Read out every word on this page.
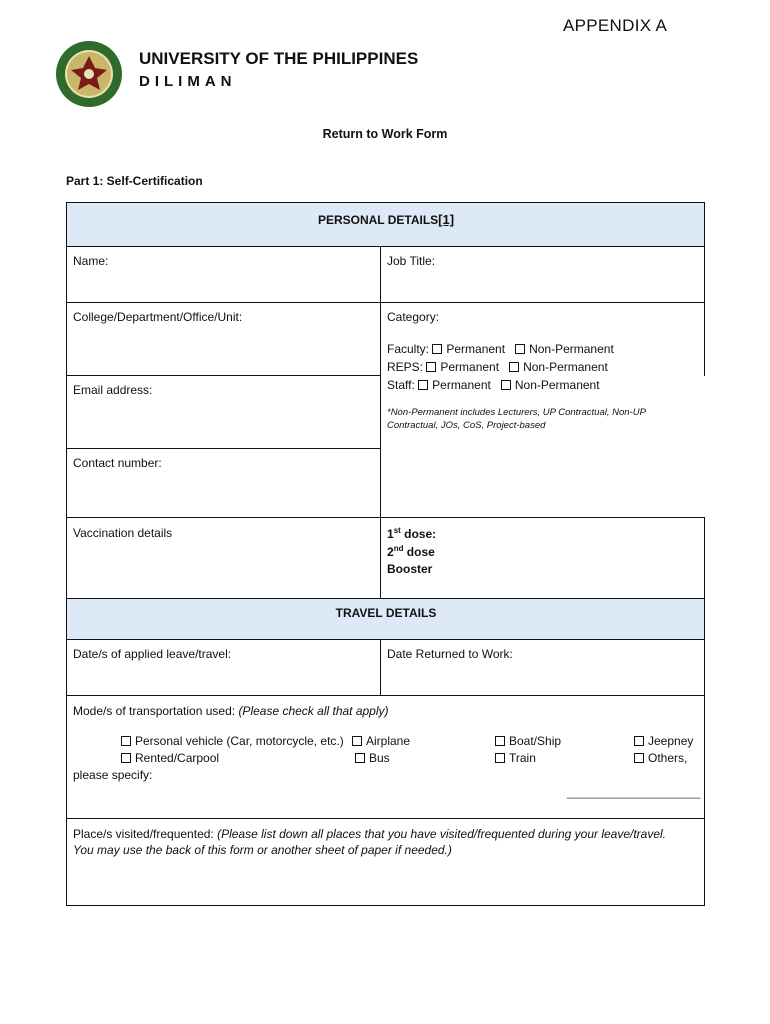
APPENDIX A
UNIVERSITY OF THE PHILIPPINES
DILIMAN
Return to Work Form
Part 1: Self-Certification
PERSONAL DETAILS[1]
TRAVEL DETAILS
Name:	Job Title:
College/Department/Office/Unit:	Category:
Faculty: Permanent Non-Permanent
REPS: Permanent Non-Permanent
Staff: Permanent Non-Permanent
*Non-Permanent includes Lecturers, UP Contractual, Non-UP Contractual, JOs, CoS, Project-based
Email address:
Contact number:
Vaccination details	1st dose:
2nd dose
Booster
Date/s of applied leave/travel:	Date Returned to Work:
Mode/s of transportation used: (Please check all that apply)
Personal vehicle (Car, motorcycle, etc.)	Airplane	Boat/Ship	Jeepney
Rented/Carpool	Bus	Train	Others,
please specify:
____________________
Place/s visited/frequented: (Please list down all places that you have visited/frequented during your leave/travel. You may use the back of this form or another sheet of paper if needed.)
